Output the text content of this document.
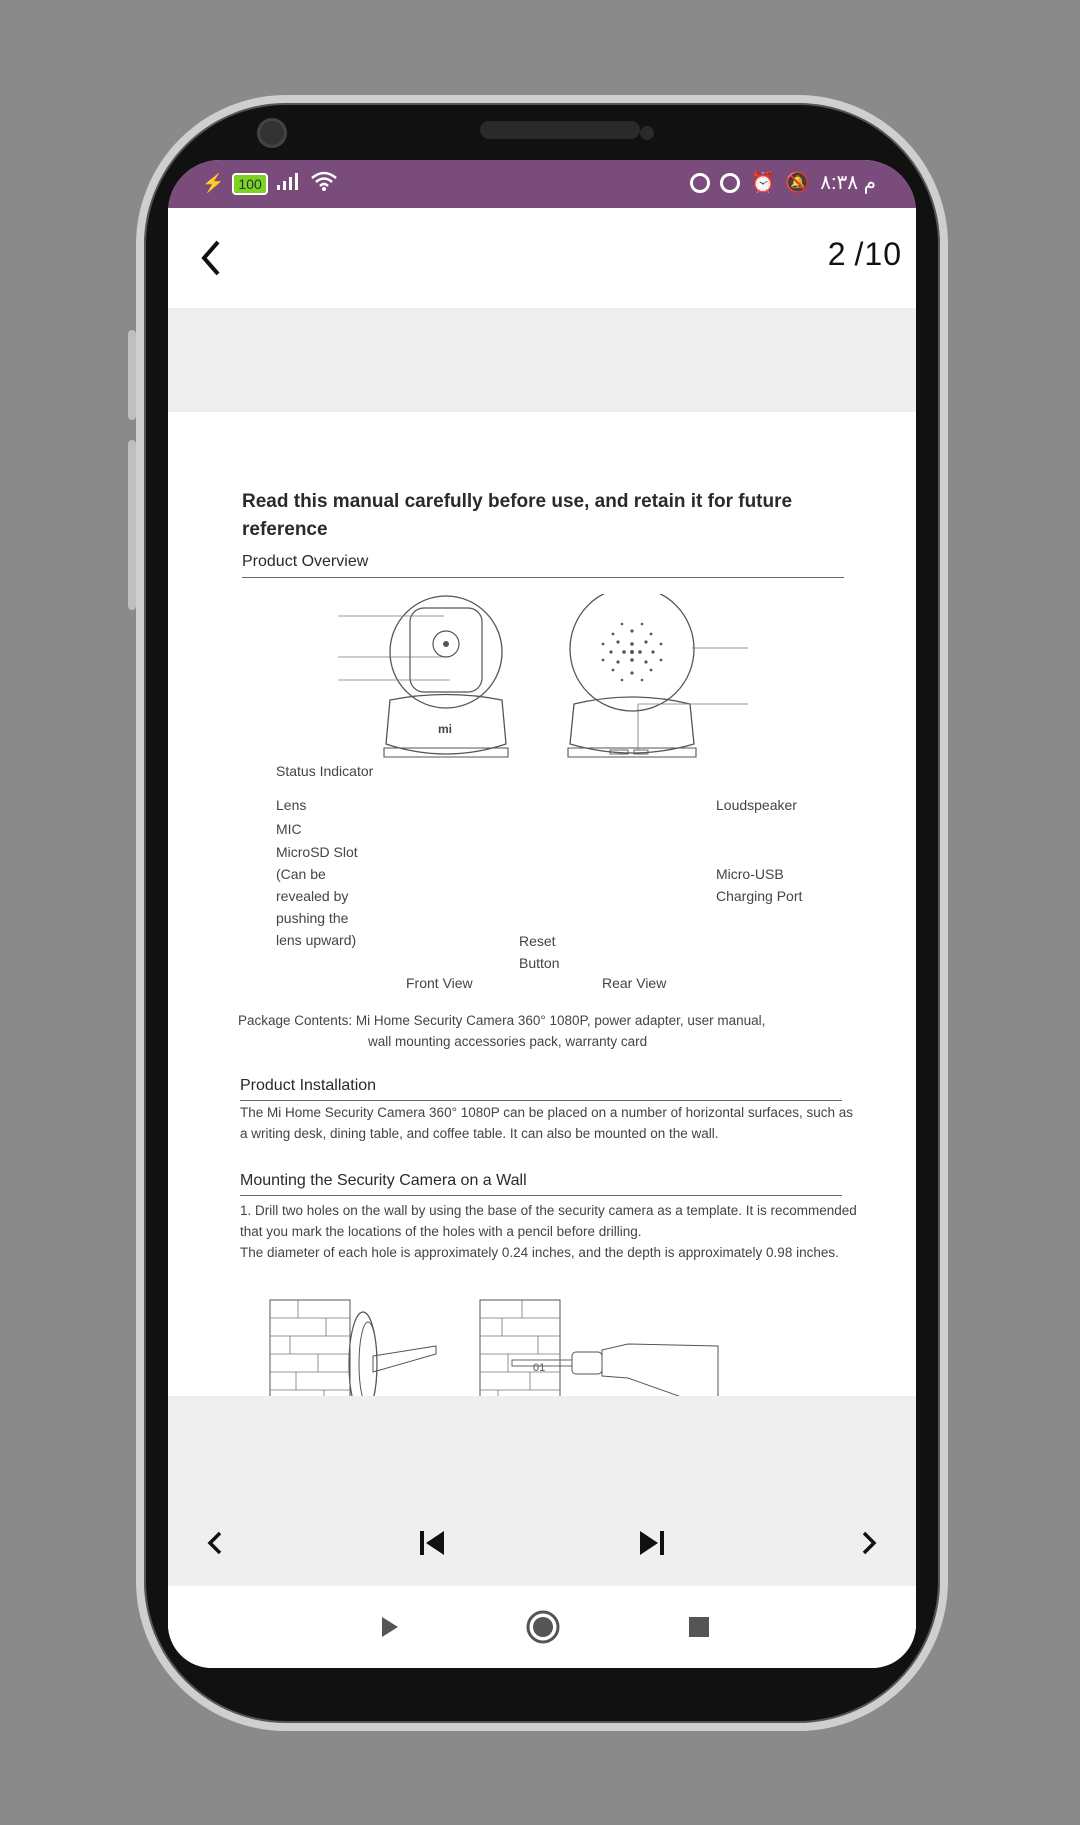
⚡	100	⏰ 🔕 م ۸:۳۸
2 /10
Read this manual carefully before use, and retain it for future reference
Product Overview
mi
Status Indicator
Lens
MIC
MicroSD Slot
(Can be
revealed by
pushing the
lens upward)	Reset
Button
Loudspeaker
Micro-USB
Charging Port
Front View	Rear View
Package Contents: Mi Home Security Camera 360° 1080P, power adapter, user manual,
wall mounting accessories pack, warranty card
Product Installation
The Mi Home Security Camera 360° 1080P can be placed on a number of horizontal surfaces, such as a writing desk, dining table, and coffee table. It can also be mounted on the wall.
Mounting the Security Camera on a Wall
1. Drill two holes on the wall by using the base of the security camera as a template. It is recommended that you mark the locations of the holes with a pencil before drilling.
The diameter of each hole is approximately 0.24 inches, and the depth is approximately 0.98 inches.
01
